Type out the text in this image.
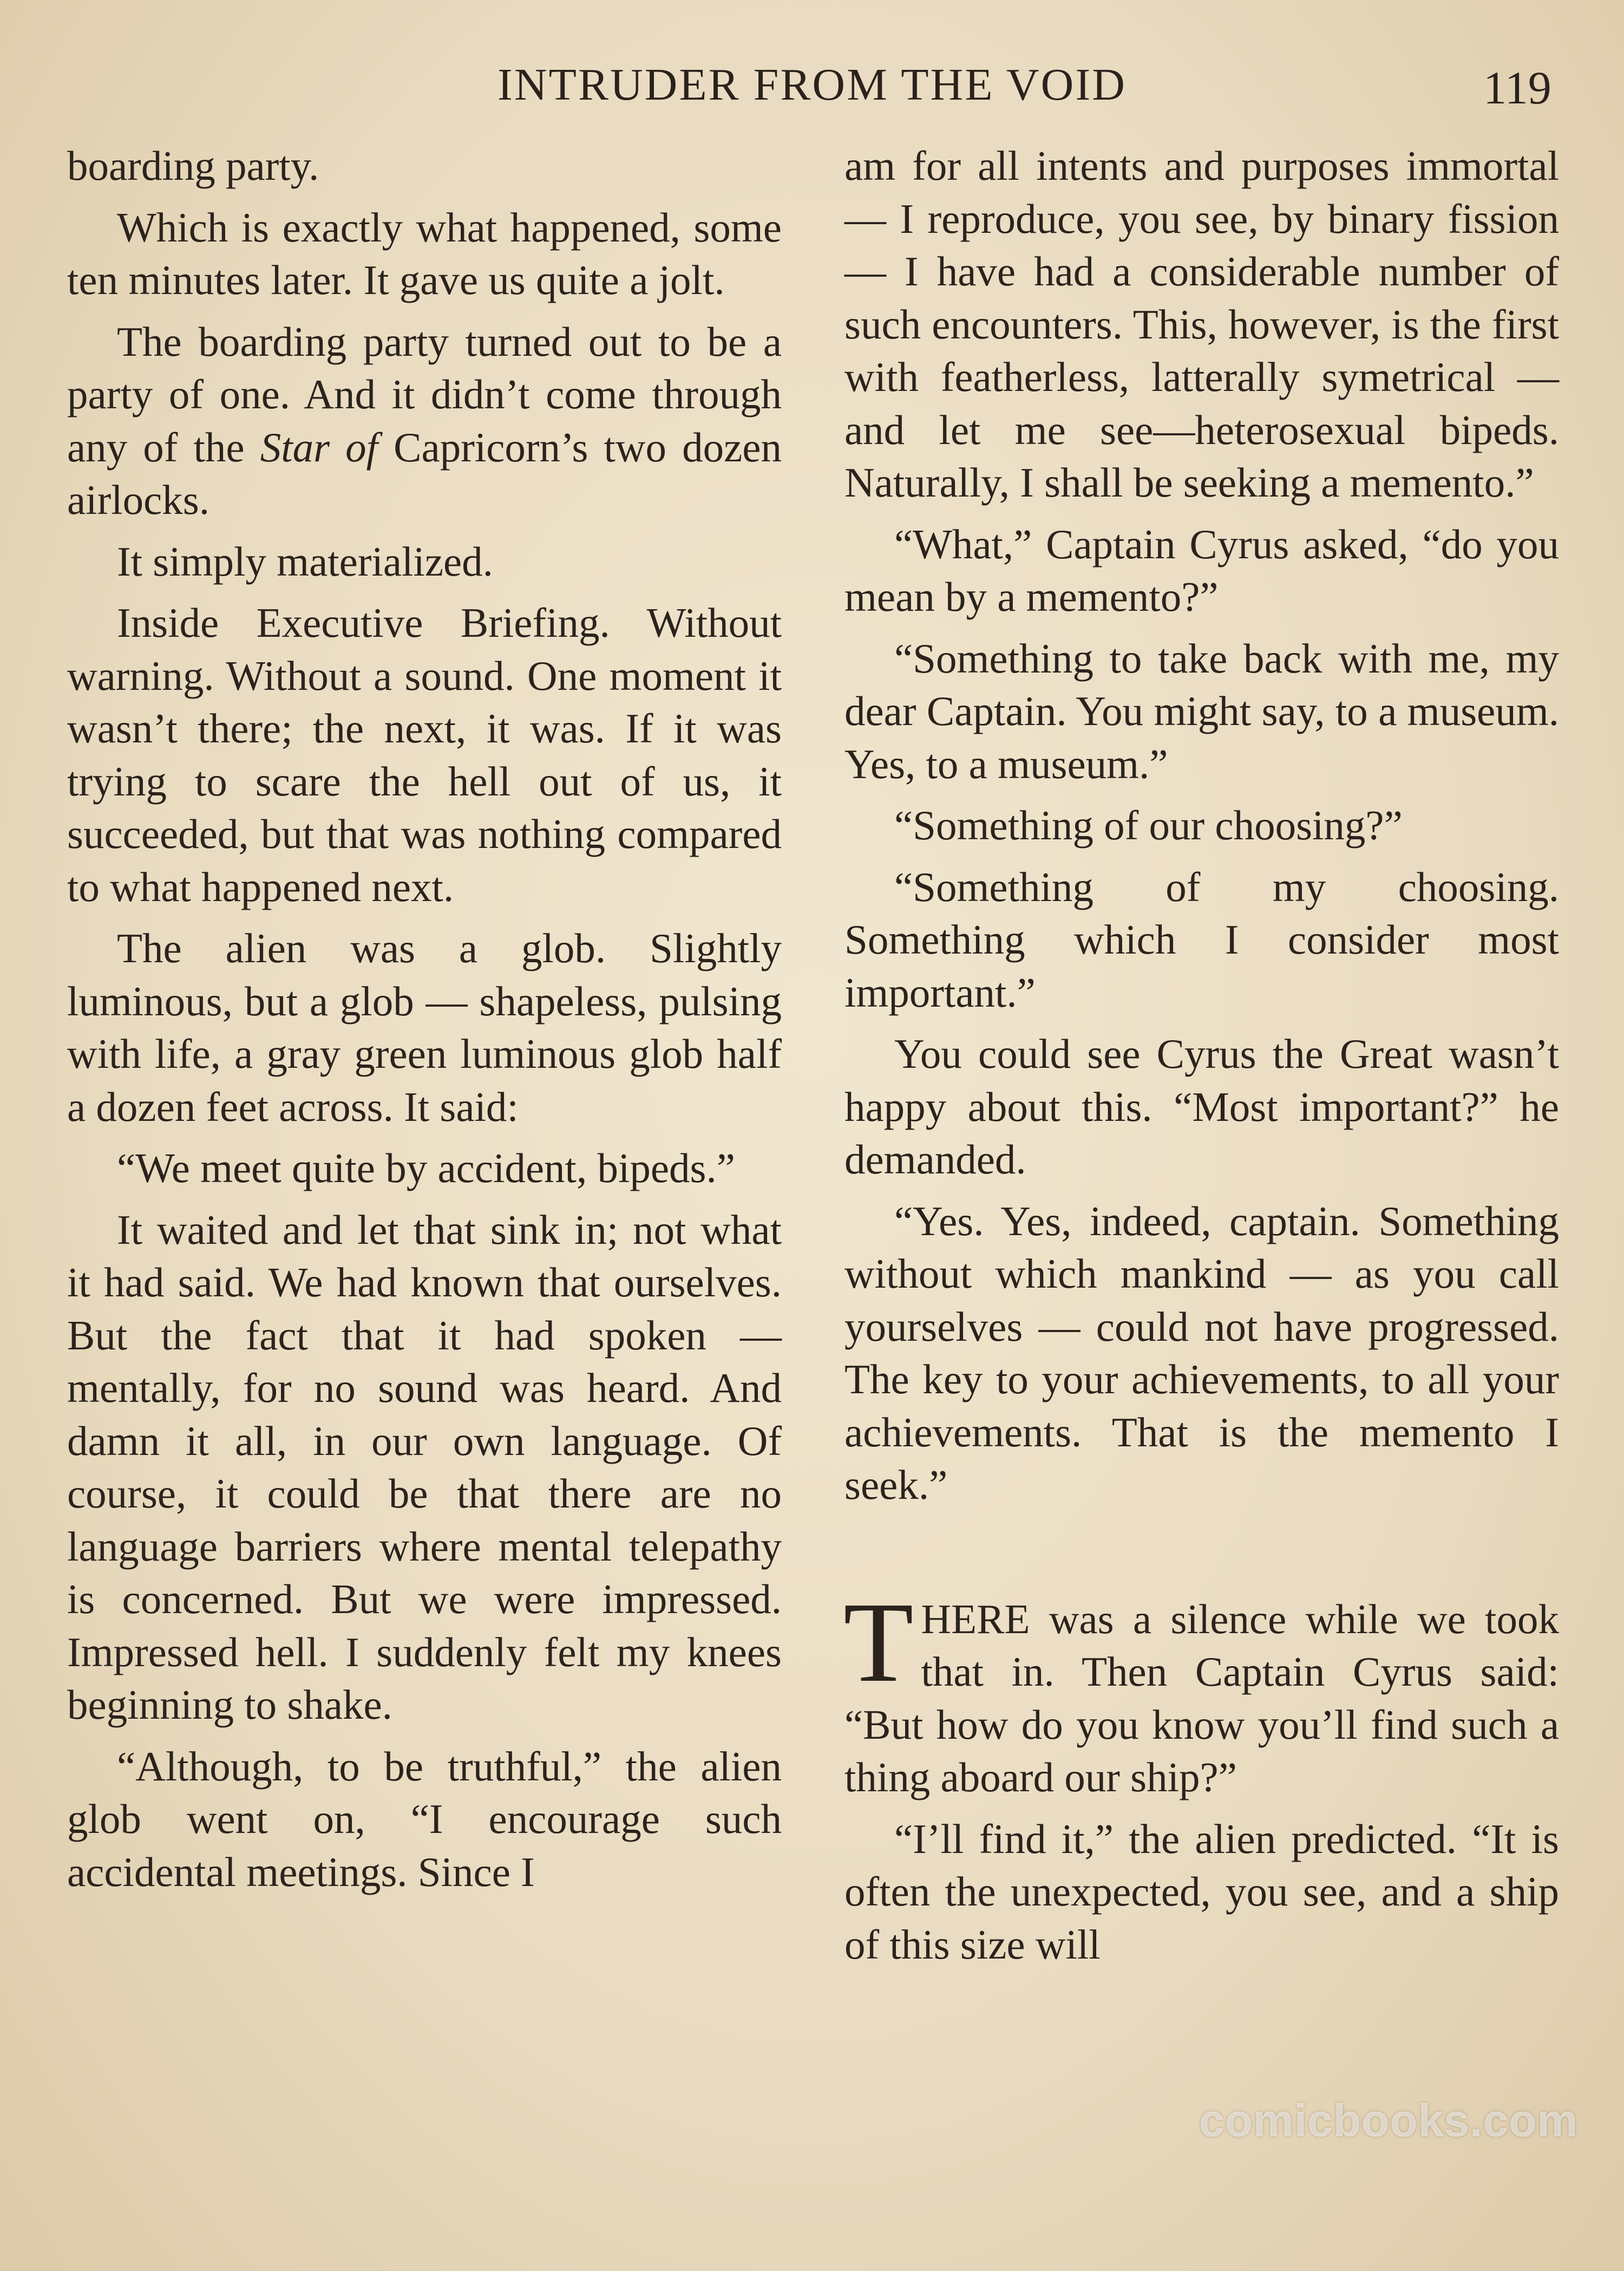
INTRUDER FROM THE VOID	119

boarding party.

Which is exactly what happened, some ten minutes later. It gave us quite a jolt.

The boarding party turned out to be a party of one. And it didn’t come through any of the Star of Capricorn’s two dozen airlocks.

It simply materialized.

Inside Executive Briefing. Without warning. Without a sound. One moment it wasn’t there; the next, it was. If it was trying to scare the hell out of us, it succeeded, but that was nothing compared to what happened next.

The alien was a glob. Slightly luminous, but a glob — shapeless, pulsing with life, a gray green luminous glob half a dozen feet across. It said:

“We meet quite by accident, bipeds.”

It waited and let that sink in; not what it had said. We had known that ourselves. But the fact that it had spoken — mentally, for no sound was heard. And damn it all, in our own language. Of course, it could be that there are no language barriers where mental telepathy is concerned. But we were impressed. Impressed hell. I suddenly felt my knees beginning to shake.

“Although, to be truthful,” the alien glob went on, “I encourage such accidental meetings. Since I

am for all intents and purposes immortal— I reproduce, you see, by binary fission — I have had a considerable number of such encounters. This, however, is the first with featherless, latterally symetrical — and let me see—heterosexual bipeds. Naturally, I shall be seeking a memento.”

“What,” Captain Cyrus asked, “do you mean by a memento?”

“Something to take back with me, my dear Captain. You might say, to a museum. Yes, to a museum.”

“Something of our choosing?”

“Something of my choosing. Something which I consider most important.”

You could see Cyrus the Great wasn’t happy about this. “Most important?” he demanded.

“Yes. Yes, indeed, captain. Something without which mankind — as you call yourselves — could not have progressed. The key to your achievements, to all your achievements. That is the memento I seek.”

THERE was a silence while we took that in. Then Captain Cyrus said: “But how do you know you’ll find such a thing aboard our ship?”

“I’ll find it,” the alien predicted. “It is often the unexpected, you see, and a ship of this size will

comicbooks.com
